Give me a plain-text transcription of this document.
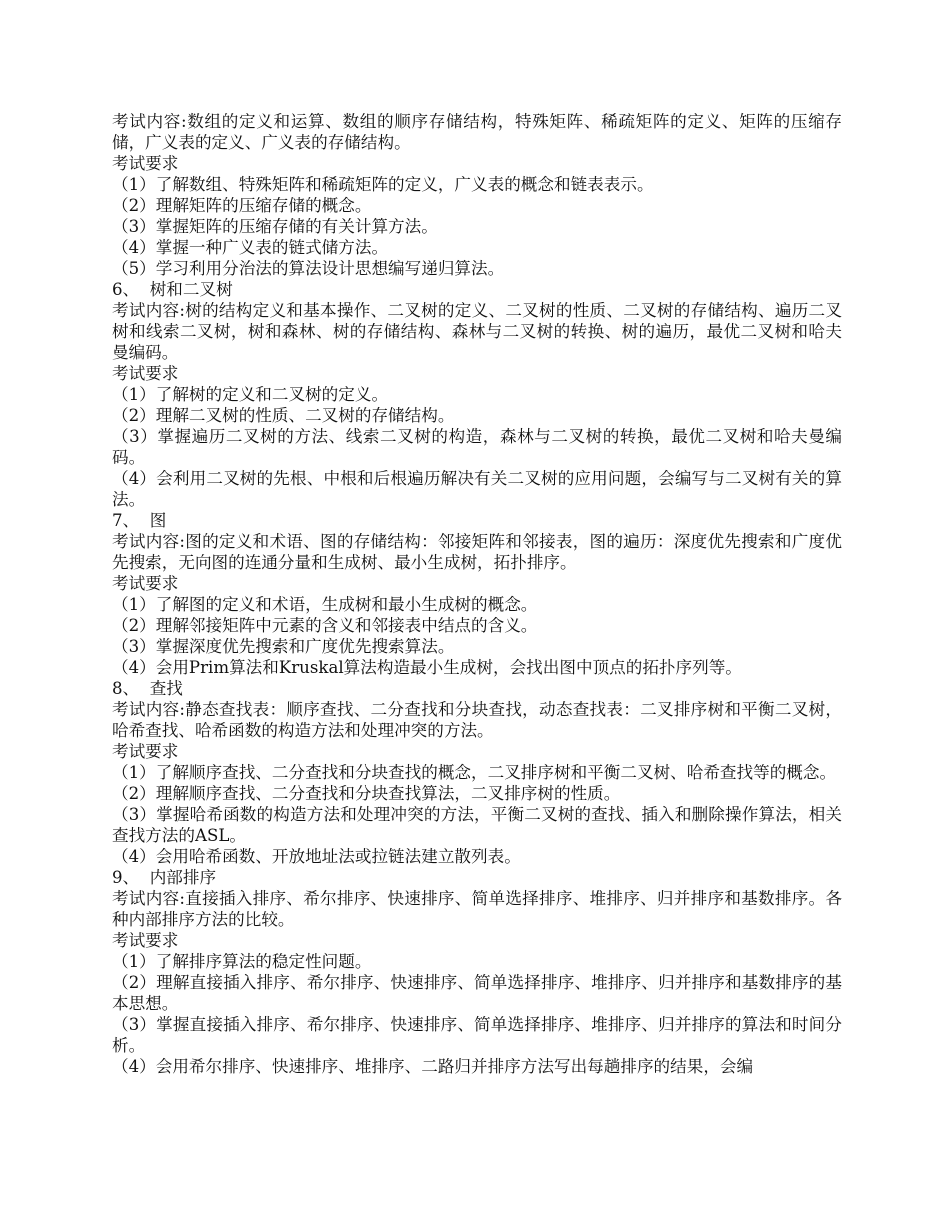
考试内容:数组的定义和运算、数组的顺序存储结构，特殊矩阵、稀疏矩阵的定义、矩阵的压缩存储，广义表的定义、广义表的存储结构。
考试要求
（1）了解数组、特殊矩阵和稀疏矩阵的定义，广义表的概念和链表表示。
（2）理解矩阵的压缩存储的概念。
（3）掌握矩阵的压缩存储的有关计算方法。
（4）掌握一种广义表的链式储方法。
（5）学习利用分治法的算法设计思想编写递归算法。
6、  树和二叉树
考试内容:树的结构定义和基本操作、二叉树的定义、二叉树的性质、二叉树的存储结构、遍历二叉树和线索二叉树，树和森林、树的存储结构、森林与二叉树的转换、树的遍历，最优二叉树和哈夫曼编码。
考试要求
（1）了解树的定义和二叉树的定义。
（2）理解二叉树的性质、二叉树的存储结构。
（3）掌握遍历二叉树的方法、线索二叉树的构造，森林与二叉树的转换，最优二叉树和哈夫曼编码。
（4）会利用二叉树的先根、中根和后根遍历解决有关二叉树的应用问题，会编写与二叉树有关的算法。
7、  图
考试内容:图的定义和术语、图的存储结构：邻接矩阵和邻接表，图的遍历：深度优先搜索和广度优先搜索，无向图的连通分量和生成树、最小生成树，拓扑排序。
考试要求
（1）了解图的定义和术语，生成树和最小生成树的概念。
（2）理解邻接矩阵中元素的含义和邻接表中结点的含义。
（3）掌握深度优先搜索和广度优先搜索算法。
（4）会用Prim算法和Kruskal算法构造最小生成树，会找出图中顶点的拓扑序列等。
8、  查找
考试内容:静态查找表：顺序查找、二分查找和分块查找，动态查找表：二叉排序树和平衡二叉树，哈希查找、哈希函数的构造方法和处理冲突的方法。
考试要求
（1）了解顺序查找、二分查找和分块查找的概念，二叉排序树和平衡二叉树、哈希查找等的概念。
（2）理解顺序查找、二分查找和分块查找算法，二叉排序树的性质。
（3）掌握哈希函数的构造方法和处理冲突的方法，平衡二叉树的查找、插入和删除操作算法，相关查找方法的ASL。
（4）会用哈希函数、开放地址法或拉链法建立散列表。
9、  内部排序
考试内容:直接插入排序、希尔排序、快速排序、简单选择排序、堆排序、归并排序和基数排序。各种内部排序方法的比较。
考试要求
（1）了解排序算法的稳定性问题。
（2）理解直接插入排序、希尔排序、快速排序、简单选择排序、堆排序、归并排序和基数排序的基本思想。
（3）掌握直接插入排序、希尔排序、快速排序、简单选择排序、堆排序、归并排序的算法和时间分析。
（4）会用希尔排序、快速排序、堆排序、二路归并排序方法写出每趟排序的结果，会编
